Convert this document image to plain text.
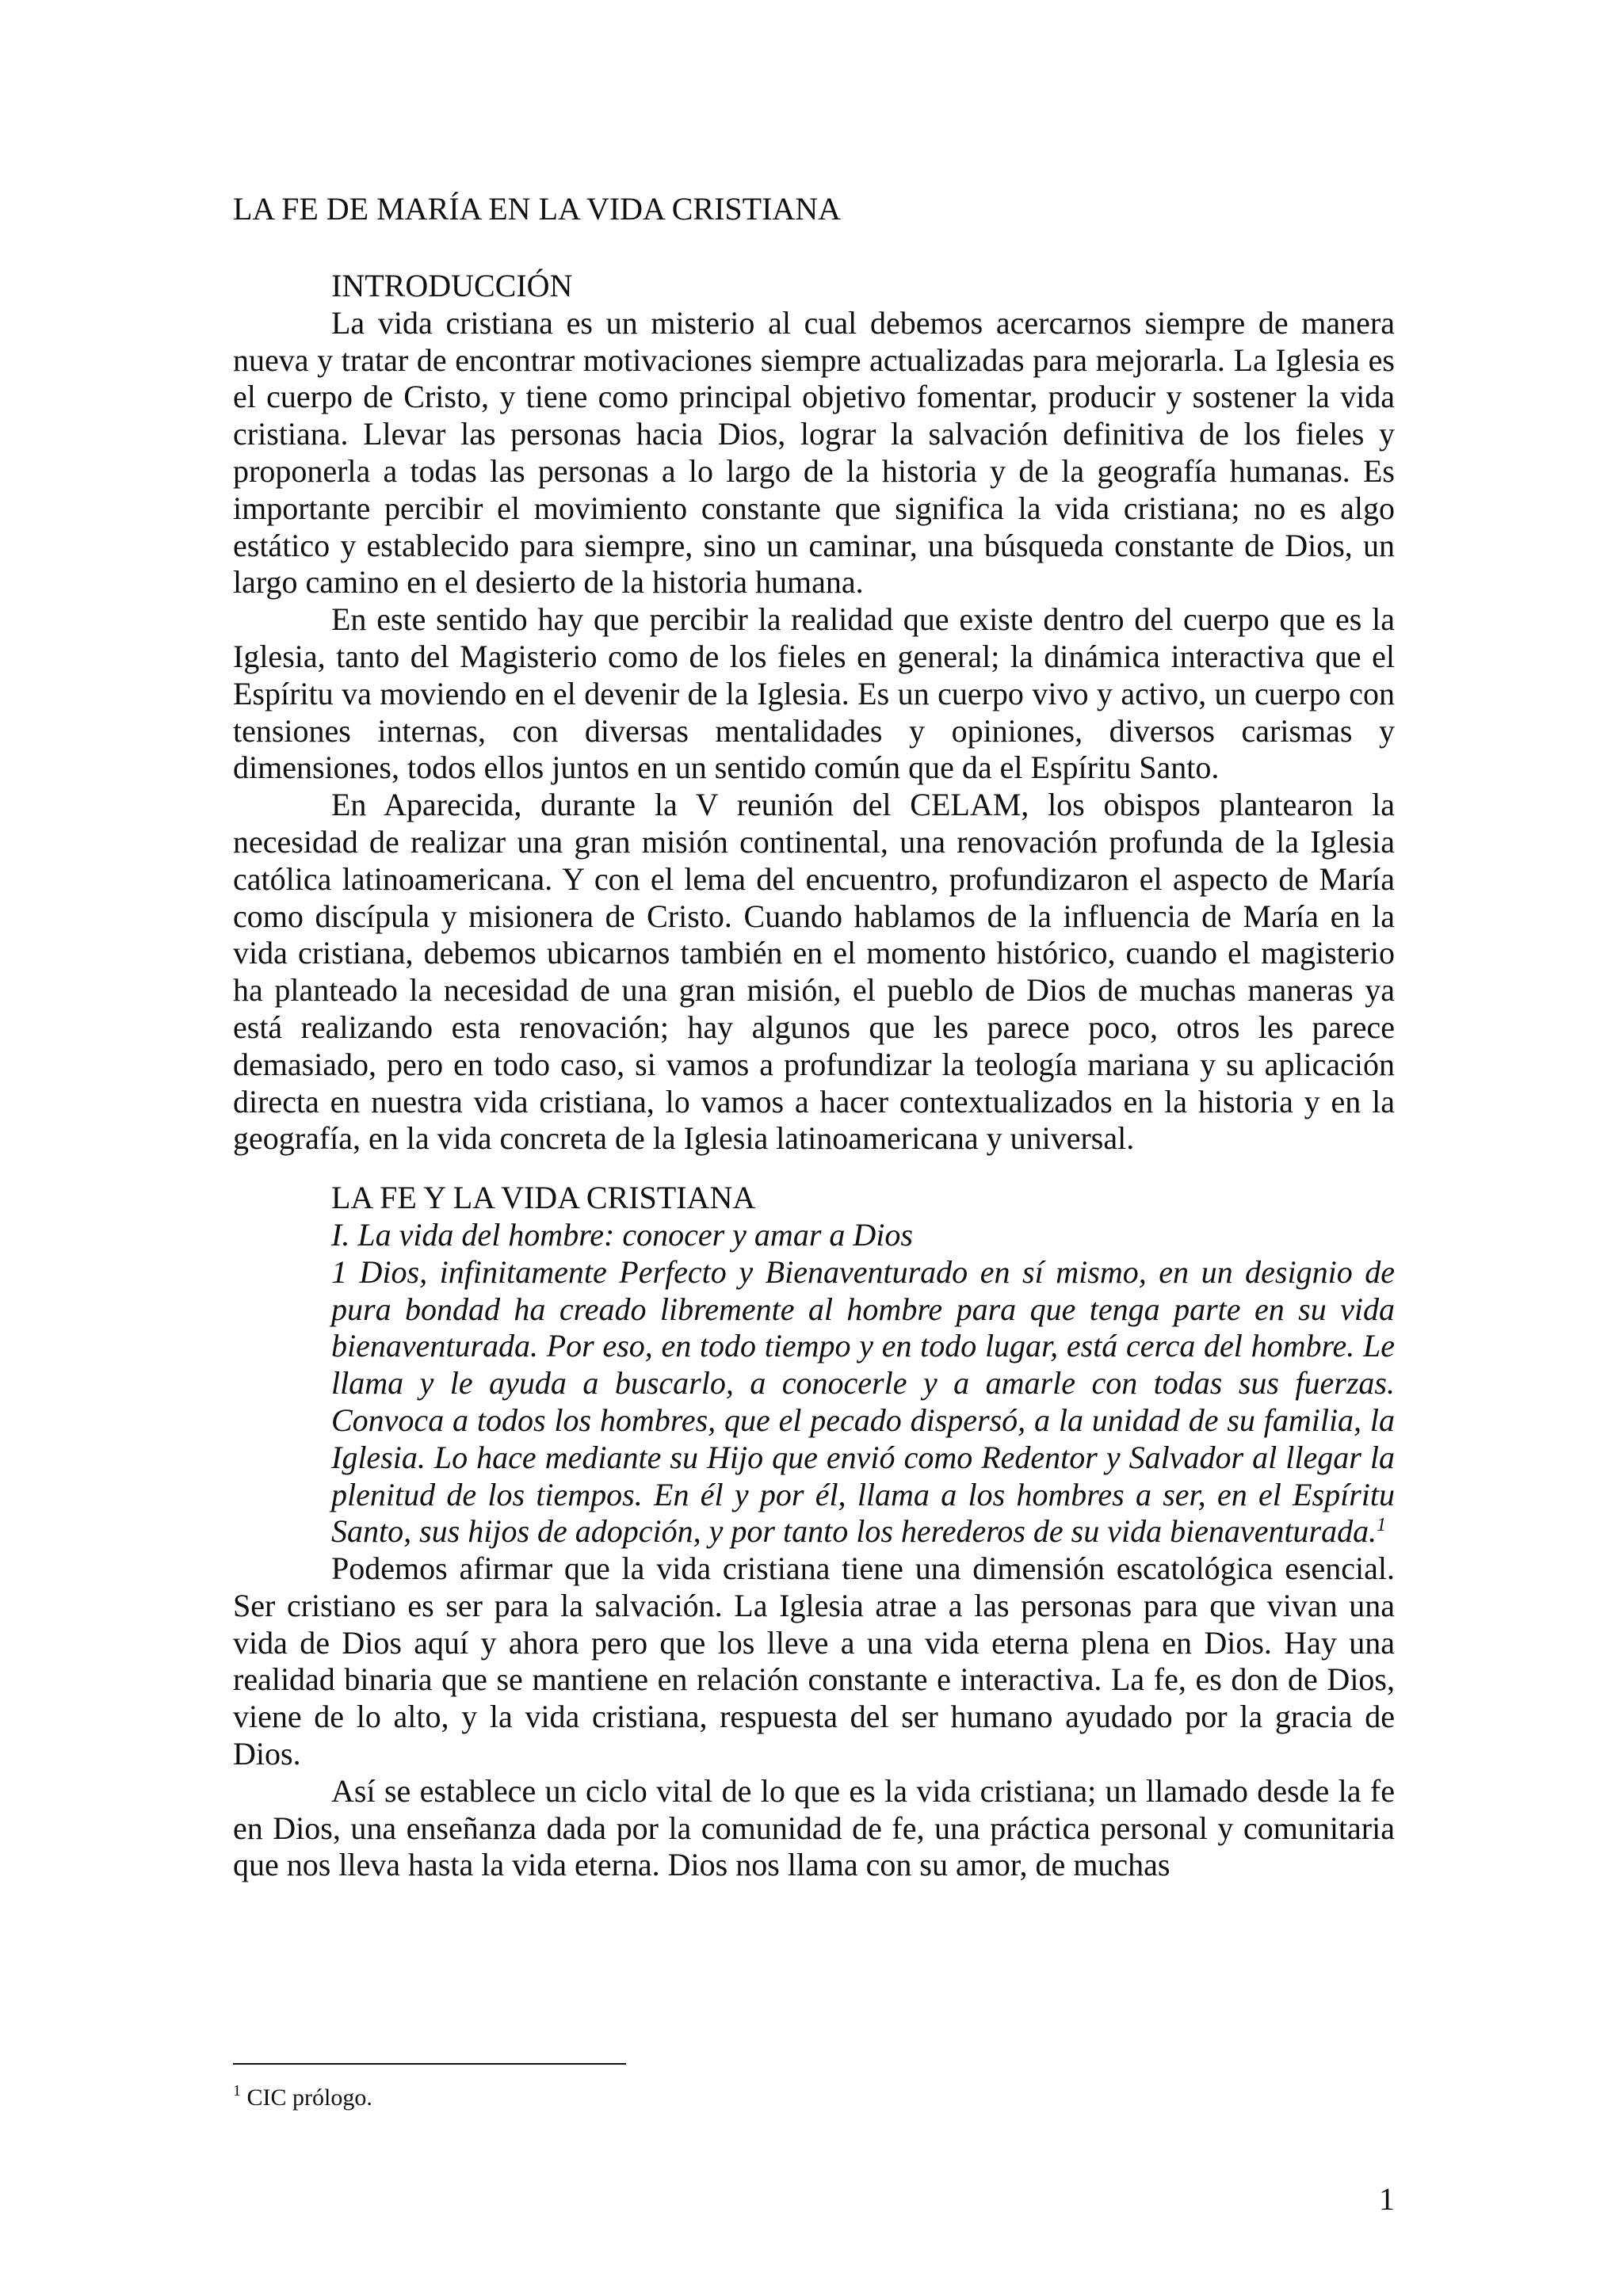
LA FE DE MARÍA EN LA VIDA CRISTIANA
INTRODUCCIÓN

La vida cristiana es un misterio al cual debemos acercarnos siempre de manera nueva y tratar de encontrar motivaciones siempre actualizadas para mejorarla. La Iglesia es el cuerpo de Cristo, y tiene como principal objetivo fomentar, producir y sostener la vida cristiana. Llevar las personas hacia Dios, lograr la salvación definitiva de los fieles y proponerla a todas las personas a lo largo de la historia y de la geografía humanas. Es importante percibir el movimiento constante que significa la vida cristiana; no es algo estático y establecido para siempre, sino un caminar, una búsqueda constante de Dios, un largo camino en el desierto de la historia humana.

En este sentido hay que percibir la realidad que existe dentro del cuerpo que es la Iglesia, tanto del Magisterio como de los fieles en general; la dinámica interactiva que el Espíritu va moviendo en el devenir de la Iglesia. Es un cuerpo vivo y activo, un cuerpo con tensiones internas, con diversas mentalidades y opiniones, diversos carismas y dimensiones, todos ellos juntos en un sentido común que da el Espíritu Santo.

En Aparecida, durante la V reunión del CELAM, los obispos plantearon la necesidad de realizar una gran misión continental, una renovación profunda de la Iglesia católica latinoamericana. Y con el lema del encuentro, profundizaron el aspecto de María como discípula y misionera de Cristo. Cuando hablamos de la influencia de María en la vida cristiana, debemos ubicarnos también en el momento histórico, cuando el magisterio ha planteado la necesidad de una gran misión, el pueblo de Dios de muchas maneras ya está realizando esta renovación; hay algunos que les parece poco, otros les parece demasiado, pero en todo caso, si vamos a profundizar la teología mariana y su aplicación directa en nuestra vida cristiana, lo vamos a hacer contextualizados en la historia y en la geografía, en la vida concreta de la Iglesia latinoamericana y universal.

LA FE Y LA VIDA CRISTIANA

I. La vida del hombre: conocer y amar a Dios

1 Dios, infinitamente Perfecto y Bienaventurado en sí mismo, en un designio de pura bondad ha creado libremente al hombre para que tenga parte en su vida bienaventurada. Por eso, en todo tiempo y en todo lugar, está cerca del hombre. Le llama y le ayuda a buscarlo, a conocerle y a amarle con todas sus fuerzas. Convoca a todos los hombres, que el pecado dispersó, a la unidad de su familia, la Iglesia. Lo hace mediante su Hijo que envió como Redentor y Salvador al llegar la plenitud de los tiempos. En él y por él, llama a los hombres a ser, en el Espíritu Santo, sus hijos de adopción, y por tanto los herederos de su vida bienaventurada.$^1$

Podemos afirmar que la vida cristiana tiene una dimensión escatológica esencial. Ser cristiano es ser para la salvación. La Iglesia atrae a las personas para que vivan una vida de Dios aquí y ahora pero que los lleve a una vida eterna plena en Dios. Hay una realidad binaria que se mantiene en relación constante e interactiva. La fe, es don de Dios, viene de lo alto, y la vida cristiana, respuesta del ser humano ayudado por la gracia de Dios.

Así se establece un ciclo vital de lo que es la vida cristiana; un llamado desde la fe en Dios, una enseñanza dada por la comunidad de fe, una práctica personal y comunitaria que nos lleva hasta la vida eterna. Dios nos llama con su amor, de muchas

$^1$ CIC prólogo.

1
